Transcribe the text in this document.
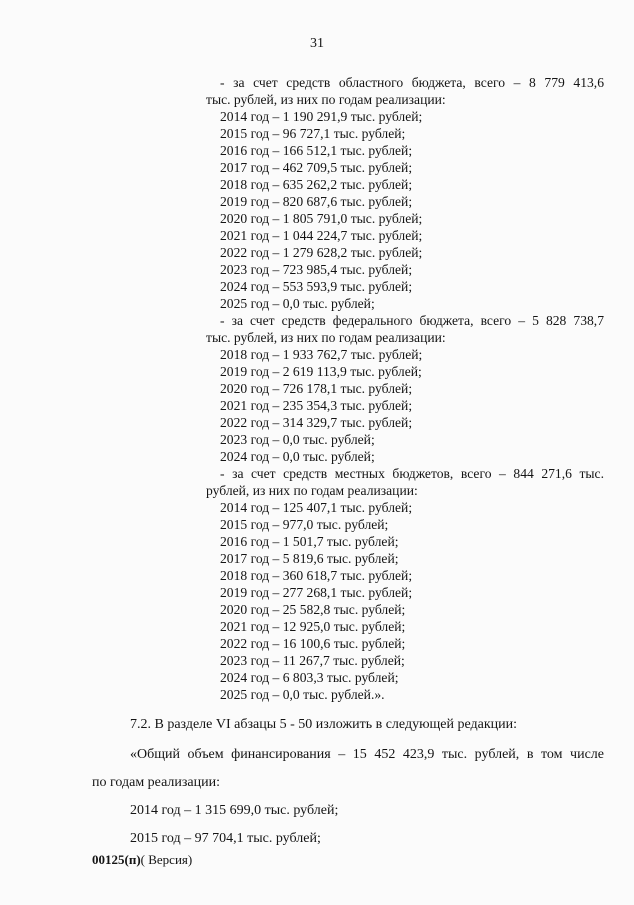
31
- за счет средств областного бюджета, всего – 8 779 413,6
тыс. рублей, из них по годам реализации:
2014 год – 1 190 291,9 тыс. рублей;
2015 год – 96 727,1 тыс. рублей;
2016 год – 166 512,1 тыс. рублей;
2017 год – 462 709,5 тыс. рублей;
2018 год – 635 262,2 тыс. рублей;
2019 год – 820 687,6 тыс. рублей;
2020 год – 1 805 791,0 тыс. рублей;
2021 год – 1 044 224,7 тыс. рублей;
2022 год – 1 279 628,2 тыс. рублей;
2023 год – 723 985,4 тыс. рублей;
2024 год – 553 593,9 тыс. рублей;
2025 год – 0,0 тыс. рублей;
- за счет средств федерального бюджета, всего – 5 828 738,7
тыс. рублей, из них по годам реализации:
2018 год – 1 933 762,7 тыс. рублей;
2019 год – 2 619 113,9 тыс. рублей;
2020 год – 726 178,1 тыс. рублей;
2021 год – 235 354,3 тыс. рублей;
2022 год – 314 329,7 тыс. рублей;
2023 год – 0,0 тыс. рублей;
2024 год – 0,0 тыс. рублей;
- за счет средств местных бюджетов, всего – 844 271,6 тыс.
рублей, из них по годам реализации:
2014 год – 125 407,1 тыс. рублей;
2015 год – 977,0 тыс. рублей;
2016 год – 1 501,7 тыс. рублей;
2017 год – 5 819,6 тыс. рублей;
2018 год – 360 618,7 тыс. рублей;
2019 год – 277 268,1 тыс. рублей;
2020 год – 25 582,8 тыс. рублей;
2021 год – 12 925,0 тыс. рублей;
2022 год – 16 100,6 тыс. рублей;
2023 год – 11 267,7 тыс. рублей;
2024 год – 6 803,3 тыс. рублей;
2025 год – 0,0 тыс. рублей.».
7.2. В разделе VI абзацы 5 - 50 изложить в следующей редакции:
«Общий объем финансирования – 15 452 423,9 тыс. рублей, в том числе
по годам реализации:
2014 год – 1 315 699,0 тыс. рублей;
2015 год – 97 704,1 тыс. рублей;
00125(п)( Версия)
